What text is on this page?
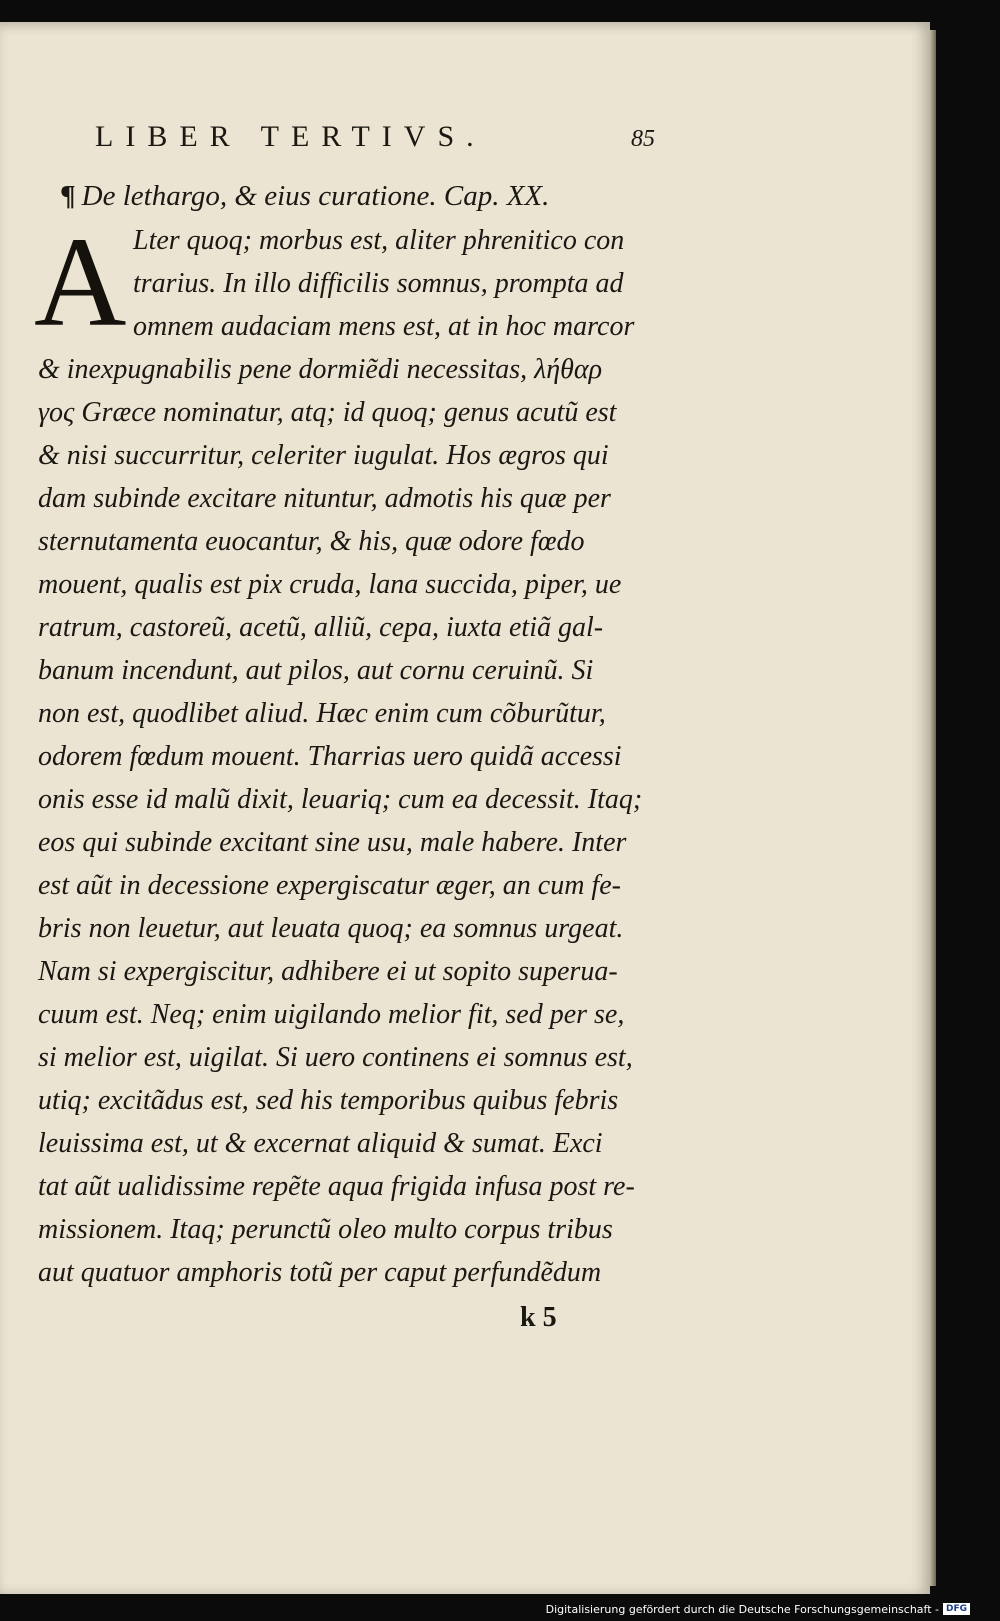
LIBER TERTIVS.	85
¶ De lethargo, & eius curatione. Cap. XX.
A Lter quoq; morbus est, aliter phrenitico con
trarius. In illo difficilis somnus, prompta ad
omnem audaciam mens est, at in hoc marcor
& inexpugnabilis pene dormiẽdi necessitas, λήθαρ
γος Græce nominatur, atq; id quoq; genus acutũ est
& nisi succurritur, celeriter iugulat. Hos ægros qui
dam subinde excitare nituntur, admotis his quæ per
sternutamenta euocantur, & his, quæ odore fœdo
mouent, qualis est pix cruda, lana succida, piper, ue
ratrum, castoreũ, acetũ, alliũ, cepa, iuxta etiã gal-
banum incendunt, aut pilos, aut cornu ceruinũ. Si
non est, quodlibet aliud. Hæc enim cum cõburũtur,
odorem fœdum mouent. Tharrias uero quidã accessi
onis esse id malũ dixit, leuariq; cum ea decessit. Itaq;
eos qui subinde excitant sine usu, male habere. Inter
est aũt in decessione expergiscatur æger, an cum fe-
bris non leuetur, aut leuata quoq; ea somnus urgeat.
Nam si expergiscitur, adhibere ei ut sopito superua-
cuum est. Neq; enim uigilando melior fit, sed per se,
si melior est, uigilat. Si uero continens ei somnus est,
utiq; excitãdus est, sed his temporibus quibus febris
leuissima est, ut & excernat aliquid & sumat. Exci
tat aũt ualidissime repẽte aqua frigida infusa post re-
missionem. Itaq; perunctũ oleo multo corpus tribus
aut quatuor amphoris totũ per caput perfundẽdum
k 5
Digitalisierung gefördert durch die Deutsche Forschungsgemeinschaft - DFG
